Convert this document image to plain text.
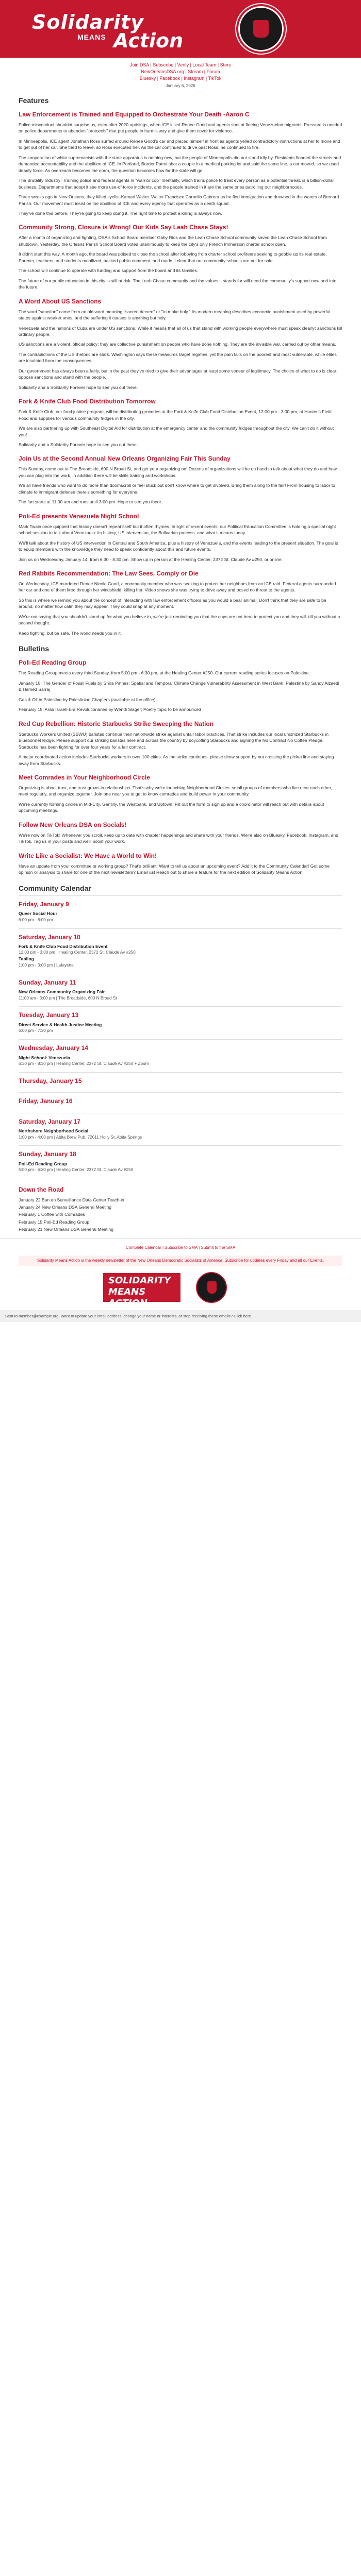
Solidarity
MEANS Action
Join DSA | Subscribe | Verify | Local Team | Store
NewOrleansDSA.org | Stream | Forum
Bluesky | Facebook | Instagram | TikTok
January 6, 2026
Features
Law Enforcement is Trained and Equipped to Orchestrate Your Death -Aaron C

Police misconduct shouldnt surprise us, even after 2020 uprisings, when ICE killed Renee Good and agents shot at fleeing Venezuelan migrants. Pressure is needed on police departments to abandon "protocols" that put people in harm's way and give them cover for violence.

In Minneapolis, ICE agent Jonathan Ross surfed around Renee Good's car and placed himself in front as agents yelled contradictory instructions at her to move and to get out of her car. She tried to leave, so Ross executed her. As the car continued to drive past Ross, he continued to fire.

The cooperation of white supremacists with the state apparatus is nothing new, but the people of Minneapolis did not stand idly by. Residents flooded the streets and demanded accountability and the abolition of ICE. In Portland, Border Patrol shot a couple in a medical parking lot and said the same line, a car moved, so we used deadly force. As overreach becomes the norm, the question becomes how far the state will go.

The Brutality Industry: Training police and federal agents in "warrior cop" mentality, which trains police to treat every person as a potential threat, is a billion-dollar business. Departments that adopt it see more use-of-force incidents, and the people trained in it are the same ones patrolling our neighborhoods.

Three weeks ago in New Orleans, they killed cyclist-Kamari Walter. Walter Francisco Cornelio Cabrera as he fled immigration and drowned in the waters of Bernard Parish. Our movement must insist on the abolition of ICE and every agency that operates as a death squad.

They've done this before. They're going to keep doing it. The right time to protest a killing is always now.

Community Strong, Closure is Wrong! Our Kids Say Leah Chase Stays!

After a month of organizing and fighting, DSA's School Board member Gaby Rios and the Leah Chase School community saved the Leah Chase School from shutdown. Yesterday, the Orleans Parish School Board voted unanimously to keep the city's only French Immersion charter school open.

It didn't start this way. A month ago, the board was poised to close the school after lobbying from charter school profiteers seeking to gobble up its real estate. Parents, teachers, and students mobilized, packed public comment, and made it clear that our community schools are not for sale.

The school will continue to operate with funding and support from the board and its families.

The future of our public education in this city is still at risk. The Leah Chase community and the values it stands for will need the community's support now and into the future.

A Word About US Sanctions

The word "sanction" came from an old word meaning "sacred decree" or "to make holy." Its modern meaning describes economic punishment used by powerful states against weaker ones, and the suffering it causes is anything but holy.

Venezuela and the nations of Cuba are under US sanctions. While it means that all of us that stand with working people everywhere must speak clearly: sanctions kill ordinary people.

US sanctions are a violent, official policy: they are collective punishment on people who have done nothing. They are the invisible war, carried out by other means.

The contradictions of the US rhetoric are stark. Washington says these measures target regimes, yet the pain falls on the poorest and most vulnerable, while elites are insulated from the consequences.

Our government has always been a fairly, but in the past they've tried to give their advantages at least some veneer of legitimacy. The choice of what to do is clear: oppose sanctions and stand with the people.

Solidarity and a Solidarity Forever hope to see you out there.

Fork & Knife Club Food Distribution Tomorrow

Fork & Knife Club, our food justice program, will be distributing groceries at the Fork & Knife Club Food Distribution Event, 12:00 pm - 3:00 pm, at Hunter's Field. Food and supplies for various community fridges in the city.

We are also partnering up with Southeast Digital Aid for distribution at the emergency center and the community fridges throughout the city. We can't do it without you!

Solidarity and a Solidarity Forever hope to see you out there.

Join Us at the Second Annual New Orleans Organizing Fair This Sunday

This Sunday, come out to The Broadside, 600 N Broad St, and get your organizing on! Dozens of organizations will be on hand to talk about what they do and how you can plug into the work, in addition there will be skills training and workshops.

We all have friends who want to do more than doomscroll or feel stuck but don't know where to get involved. Bring them along to the fair! From housing to labor to climate to immigrant defense there's something for everyone.

The fun starts at 11:00 am and runs until 3:00 pm. Hope to see you there.

Poli-Ed presents Venezuela Night School

Mark Twain once quipped that history doesn't repeat itself but it often rhymes. In light of recent events, our Political Education Committee is holding a special night school session to talk about Venezuela: its history, US intervention, the Bolivarian process, and what it means today.

We'll talk about the history of US intervention in Central and South America, plus a history of Venezuela, and the events leading to the present situation. The goal is to equip members with the knowledge they need to speak confidently about this and future events.

Join us on Wednesday, January 14, from 6:30 - 8:30 pm. Show up in person at the Healing Center, 2372 St. Claude Av #250, or online.

Red Rabbits Recommendation: The Law Sees, Comply or Die

On Wednesday, ICE murdered Renee Nicole Good, a community member who was seeking to protect her neighbors from an ICE raid. Federal agents surrounded her car and one of them fired through her windshield, killing her. Video shows she was trying to drive away and posed no threat to the agents.

So this is where we remind you about the concept of interacting with law enforcement officers as you would a bear animal. Don't think that they are safe to be around, no matter how calm they may appear. They could snap at any moment.

We're not saying that you shouldn't stand up for what you believe in, we're just reminding you that the cops are not here to protect you and they will kill you without a second thought.

Keep fighting, but be safe. The world needs you in it.

Bulletins
Poli-Ed Reading Group

The Reading Group meets every third Sunday, from 5:00 pm - 6:30 pm, at the Healing Center #250. Our current reading series focuses on Palestine.

January 18: The Gender of Fossil Fuels by Shira Pinhas; Spatial and Temporal Climate Change Vulnerability Assessment in West Bank, Palestine by Sandy Alzaedi & Hamed Sarraj

Gas & Oil in Palestine by Palestinian Chapters (available at the office)

February 15: Arab Israeli-Era Revolutionaries by Wendi Slager; Poetry topic to be announced

Red Cup Rebellion: Historic Starbucks Strike Sweeping the Nation

Starbucks Workers United (SBWU) baristas continue their nationwide strike against unfair labor practices. That strike includes our local unionized Starbucks in Bluebonnet Ridge. Please support our striking baristas here and across the country by boycotting Starbucks and signing the No Contract No Coffee Pledge. Starbucks has been fighting for over four years for a fair contract.

A major coordinated action includes Starbucks workers in over 100 cities. As the strike continues, please show support by not crossing the picket line and staying away from Starbucks.

Meet Comrades in Your Neighborhood Circle

Organizing is about trust, and trust grows in relationships. That's why we're launching Neighborhood Circles: small groups of members who live near each other, meet regularly, and organize together. Join one near you to get to know comrades and build power in your community.

We're currently forming circles in Mid-City, Gentilly, the Westbank, and Uptown. Fill out the form to sign up and a coordinator will reach out with details about upcoming meetings.

Follow New Orleans DSA on Socials!

We're now on TikTok! Whenever you scroll, keep up to date with chapter happenings and share with your friends. We're also on Bluesky, Facebook, Instagram, and TikTok. Tag us in your posts and we'll boost your work.

Write Like a Socialist: We Have a World to Win!

Have an update from your committee or working group? That's brilliant! Want to tell us about an upcoming event? Add it to the Community Calendar! Got some opinion or analysis to share for one of the next newsletters? Email us! Reach out to share a feature for the next edition of Solidarity Means Action.

Community Calendar
Friday, January 9
Queer Social Hour
6:00 pm - 8:00 pm
Saturday, January 10
Fork & Knife Club Food Distribution Event
12:00 pm - 3:00 pm | Healing Center, 2372 St. Claude Av #250
Tabling
1:00 pm - 3:00 pm | Lafayette
Sunday, January 11
New Orleans Community Organizing Fair
11:00 am - 3:00 pm | The Broadside, 600 N Broad St
Tuesday, January 13
Direct Service & Health Justice Meeting
6:00 pm - 7:30 pm
Wednesday, January 14
Night School: Venezuela
6:30 pm - 8:30 pm | Healing Center, 2372 St. Claude Av #250 + Zoom
Thursday, January 15
Friday, January 16
Saturday, January 17
Northshore Neighborhood Social
1:00 pm - 4:00 pm | Abita Brew Pub, 72011 Holly St, Abita Springs
Sunday, January 18
Poli-Ed Reading Group
5:00 pm - 6:30 pm | Healing Center, 2372 St. Claude Av #250
Down the Road

January 22 Ban on Surveillance Data Center Teach-in

January 24 New Orleans DSA General Meeting

February 1 Coffee with Comrades

February 15 Poli-Ed Reading Group

February 21 New Orleans DSA General Meeting

Complete Calendar | Subscribe to SMA | Submit to the SMA
Solidarity Means Action is the weekly newsletter of the New Orleans Democratic Socialists of America. Subscribe for updates every Friday and all our Events.
SOLIDARITY MEANS ACTION
Sent to member@example.org. Want to update your email address, change your name or interests, or stop receiving these emails? Click here.
